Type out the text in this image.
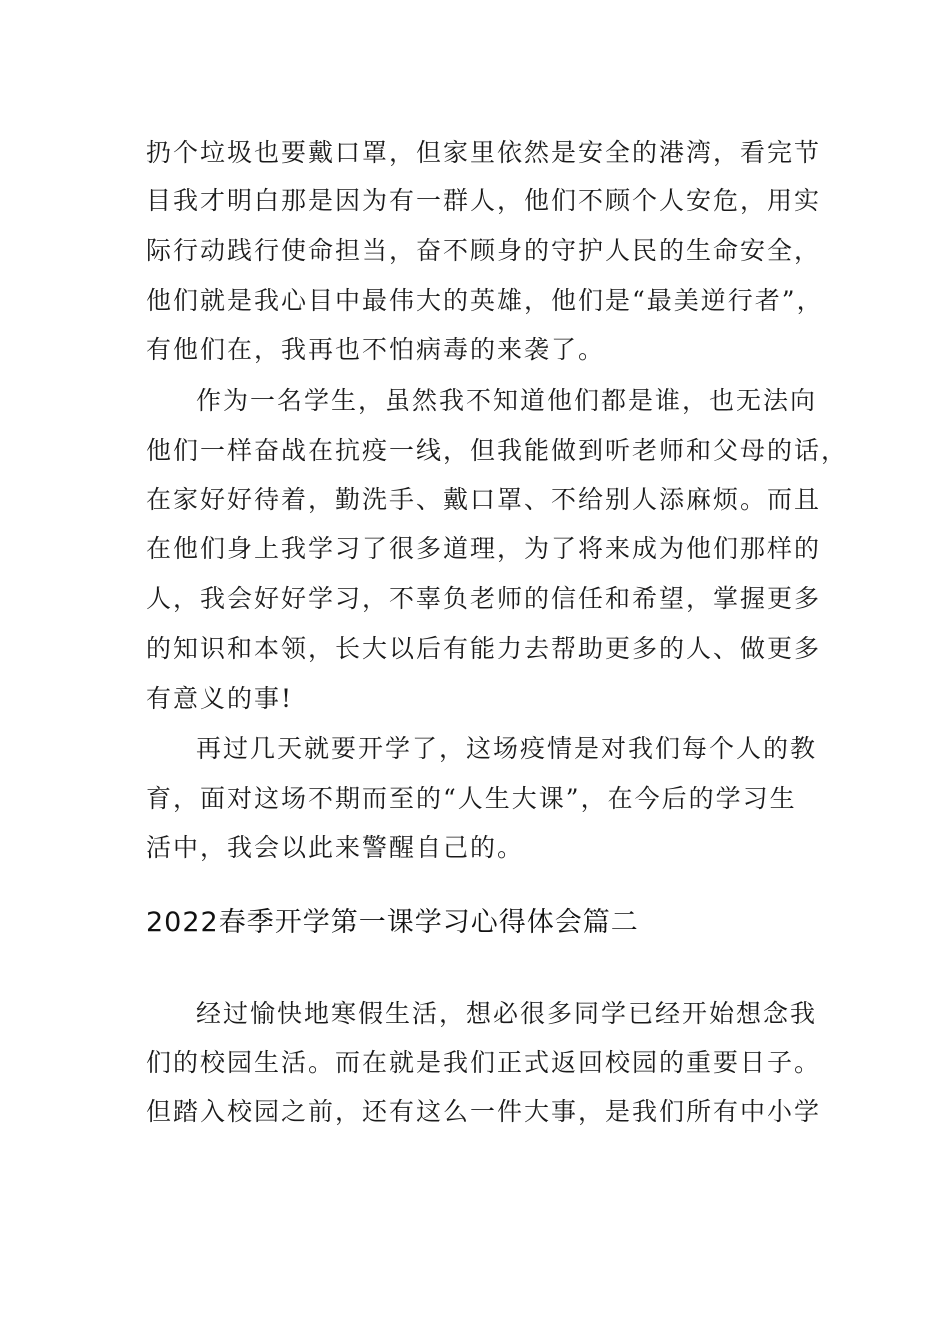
扔个垃圾也要戴口罩，但家里依然是安全的港湾，看完节
目我才明白那是因为有一群人，他们不顾个人安危，用实
际行动践行使命担当，奋不顾身的守护人民的生命安全，
他们就是我心目中最伟大的英雄，他们是“最美逆行者”，
有他们在，我再也不怕病毒的来袭了。
作为一名学生，虽然我不知道他们都是谁，也无法向
他们一样奋战在抗疫一线，但我能做到听老师和父母的话，
在家好好待着，勤洗手、戴口罩、不给别人添麻烦。而且
在他们身上我学习了很多道理，为了将来成为他们那样的
人，我会好好学习，不辜负老师的信任和希望，掌握更多
的知识和本领，长大以后有能力去帮助更多的人、做更多
有意义的事!
再过几天就要开学了，这场疫情是对我们每个人的教
育，面对这场不期而至的“人生大课”，在今后的学习生
活中，我会以此来警醒自己的。
2022春季开学第一课学习心得体会篇二
经过愉快地寒假生活，想必很多同学已经开始想念我
们的校园生活。而在就是我们正式返回校园的重要日子。
但踏入校园之前，还有这么一件大事，是我们所有中小学
